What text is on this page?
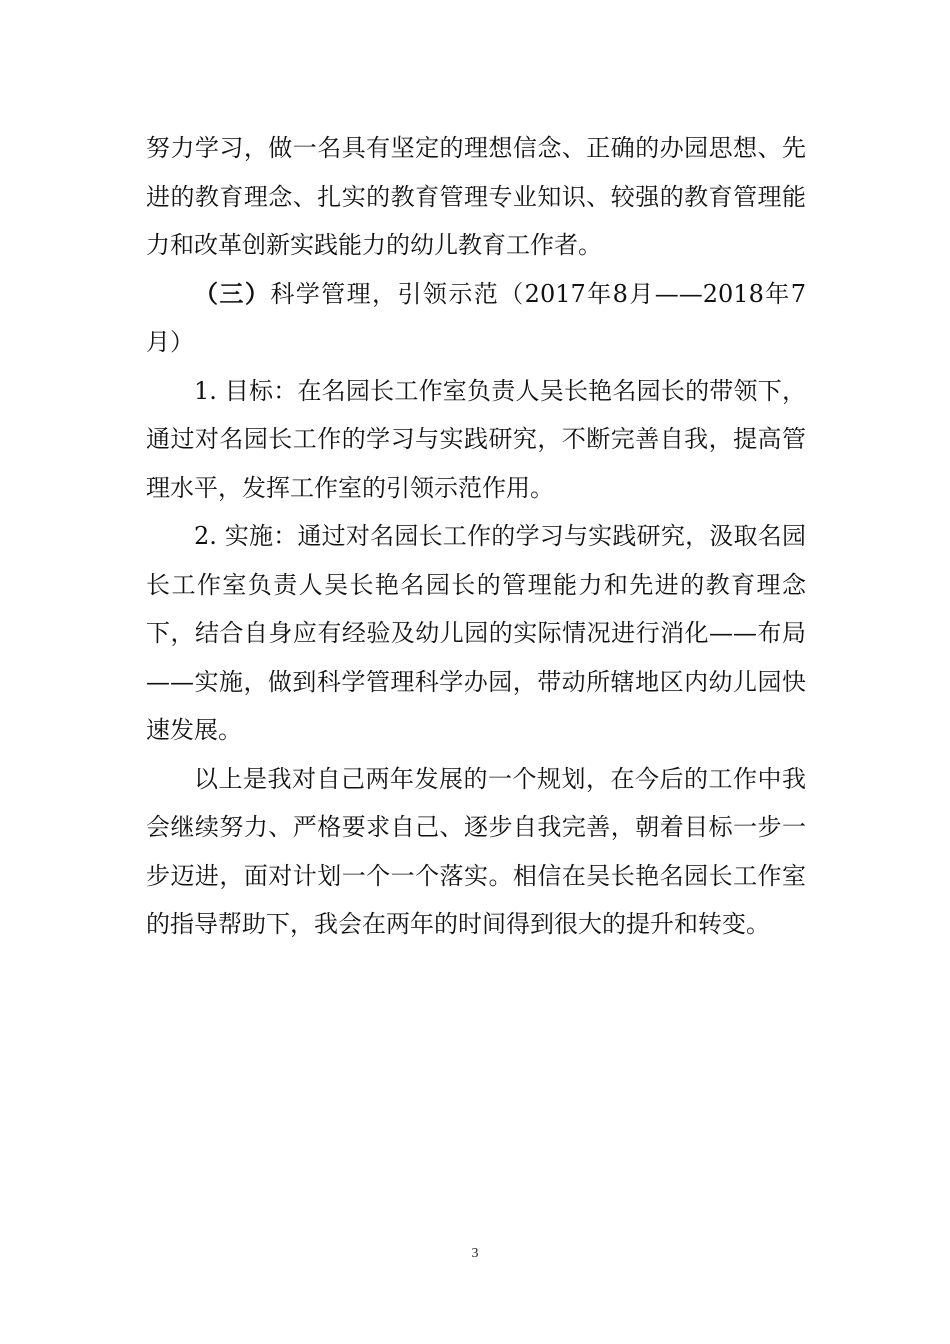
努力学习，做一名具有坚定的理想信念、正确的办园思想、先进的教育理念、扎实的教育管理专业知识、较强的教育管理能力和改革创新实践能力的幼儿教育工作者。

（三）科学管理，引领示范（2017年8月——2018年7月）

1. 目标：在名园长工作室负责人吴长艳名园长的带领下，通过对名园长工作的学习与实践研究，不断完善自我，提高管理水平，发挥工作室的引领示范作用。

2. 实施：通过对名园长工作的学习与实践研究，汲取名园长工作室负责人吴长艳名园长的管理能力和先进的教育理念下，结合自身应有经验及幼儿园的实际情况进行消化——布局——实施，做到科学管理科学办园，带动所辖地区内幼儿园快速发展。

以上是我对自己两年发展的一个规划，在今后的工作中我会继续努力、严格要求自己、逐步自我完善，朝着目标一步一步迈进，面对计划一个一个落实。相信在吴长艳名园长工作室的指导帮助下，我会在两年的时间得到很大的提升和转变。

3
